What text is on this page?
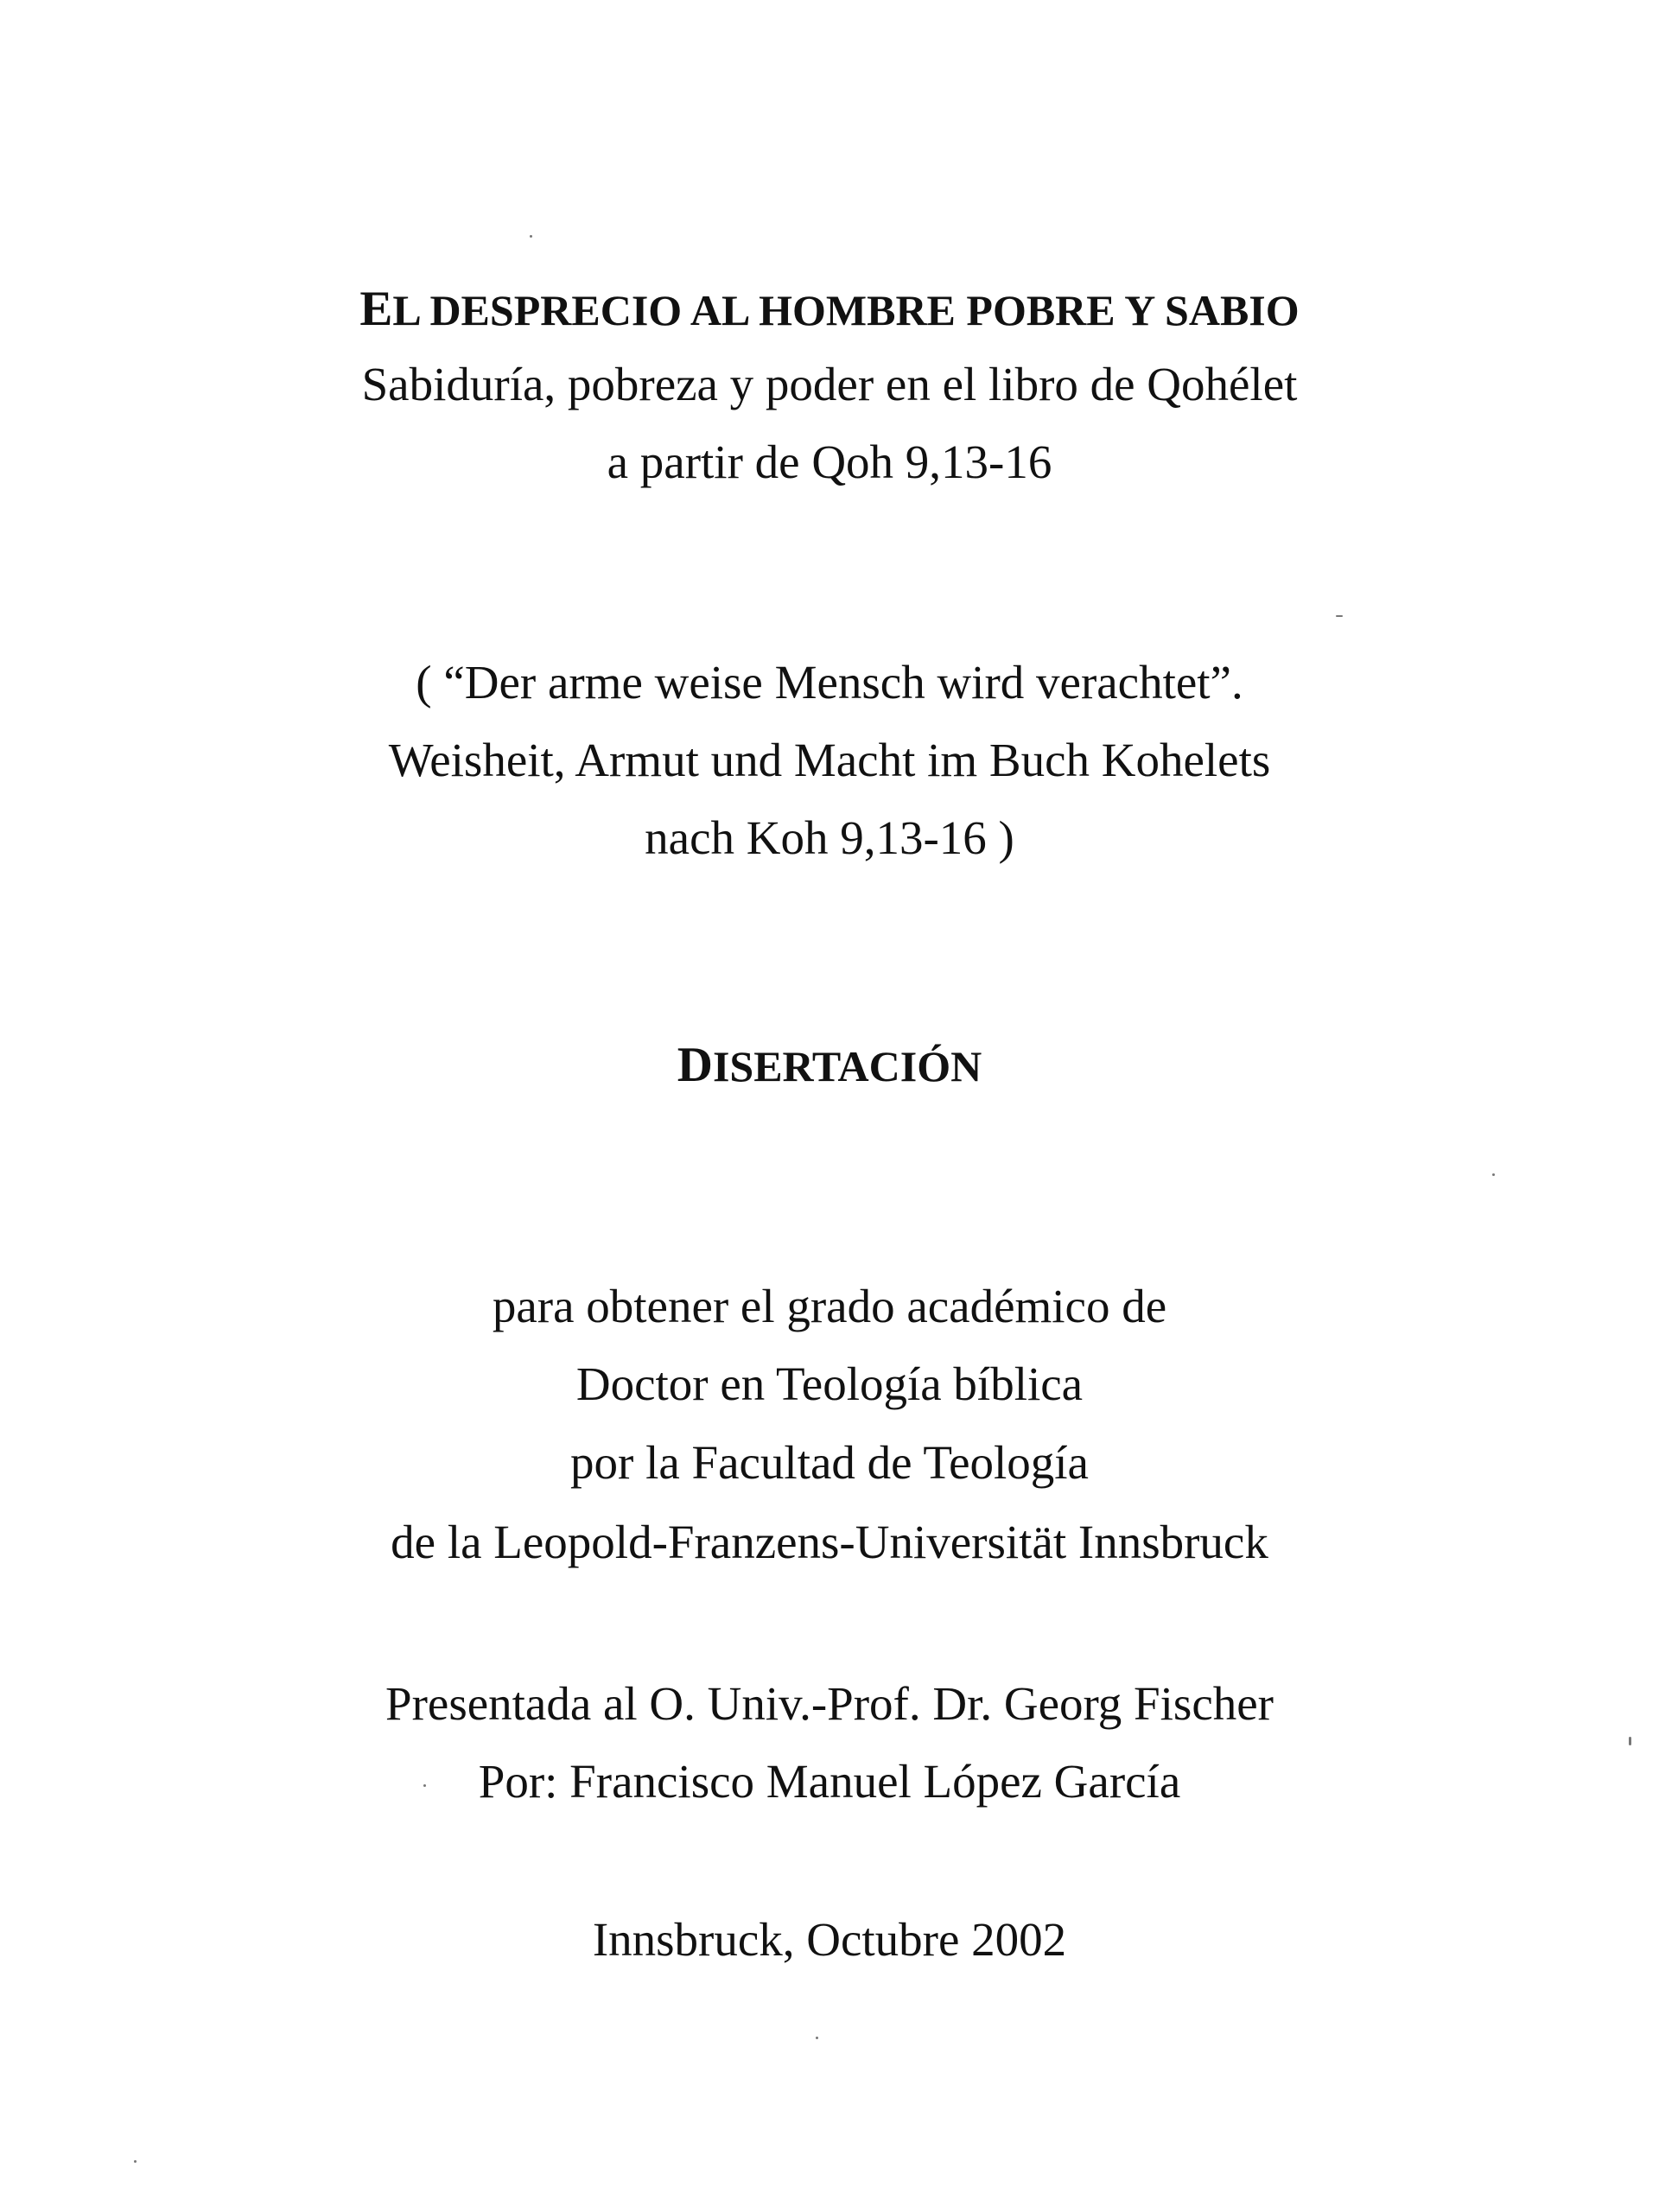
EL DESPRECIO AL HOMBRE POBRE Y SABIO

Sabiduría, pobreza y poder en el libro de Qohélet

a partir de Qoh 9,13-16

( “Der arme weise Mensch wird verachtet”.

Weisheit, Armut und Macht im Buch Kohelets

nach Koh 9,13-16 )

DISERTACIÓN

para obtener el grado académico de

Doctor en Teología bíblica

por la Facultad de Teología

de la Leopold-Franzens-Universität Innsbruck

Presentada al O. Univ.-Prof. Dr. Georg Fischer

Por: Francisco Manuel López García

Innsbruck, Octubre 2002
